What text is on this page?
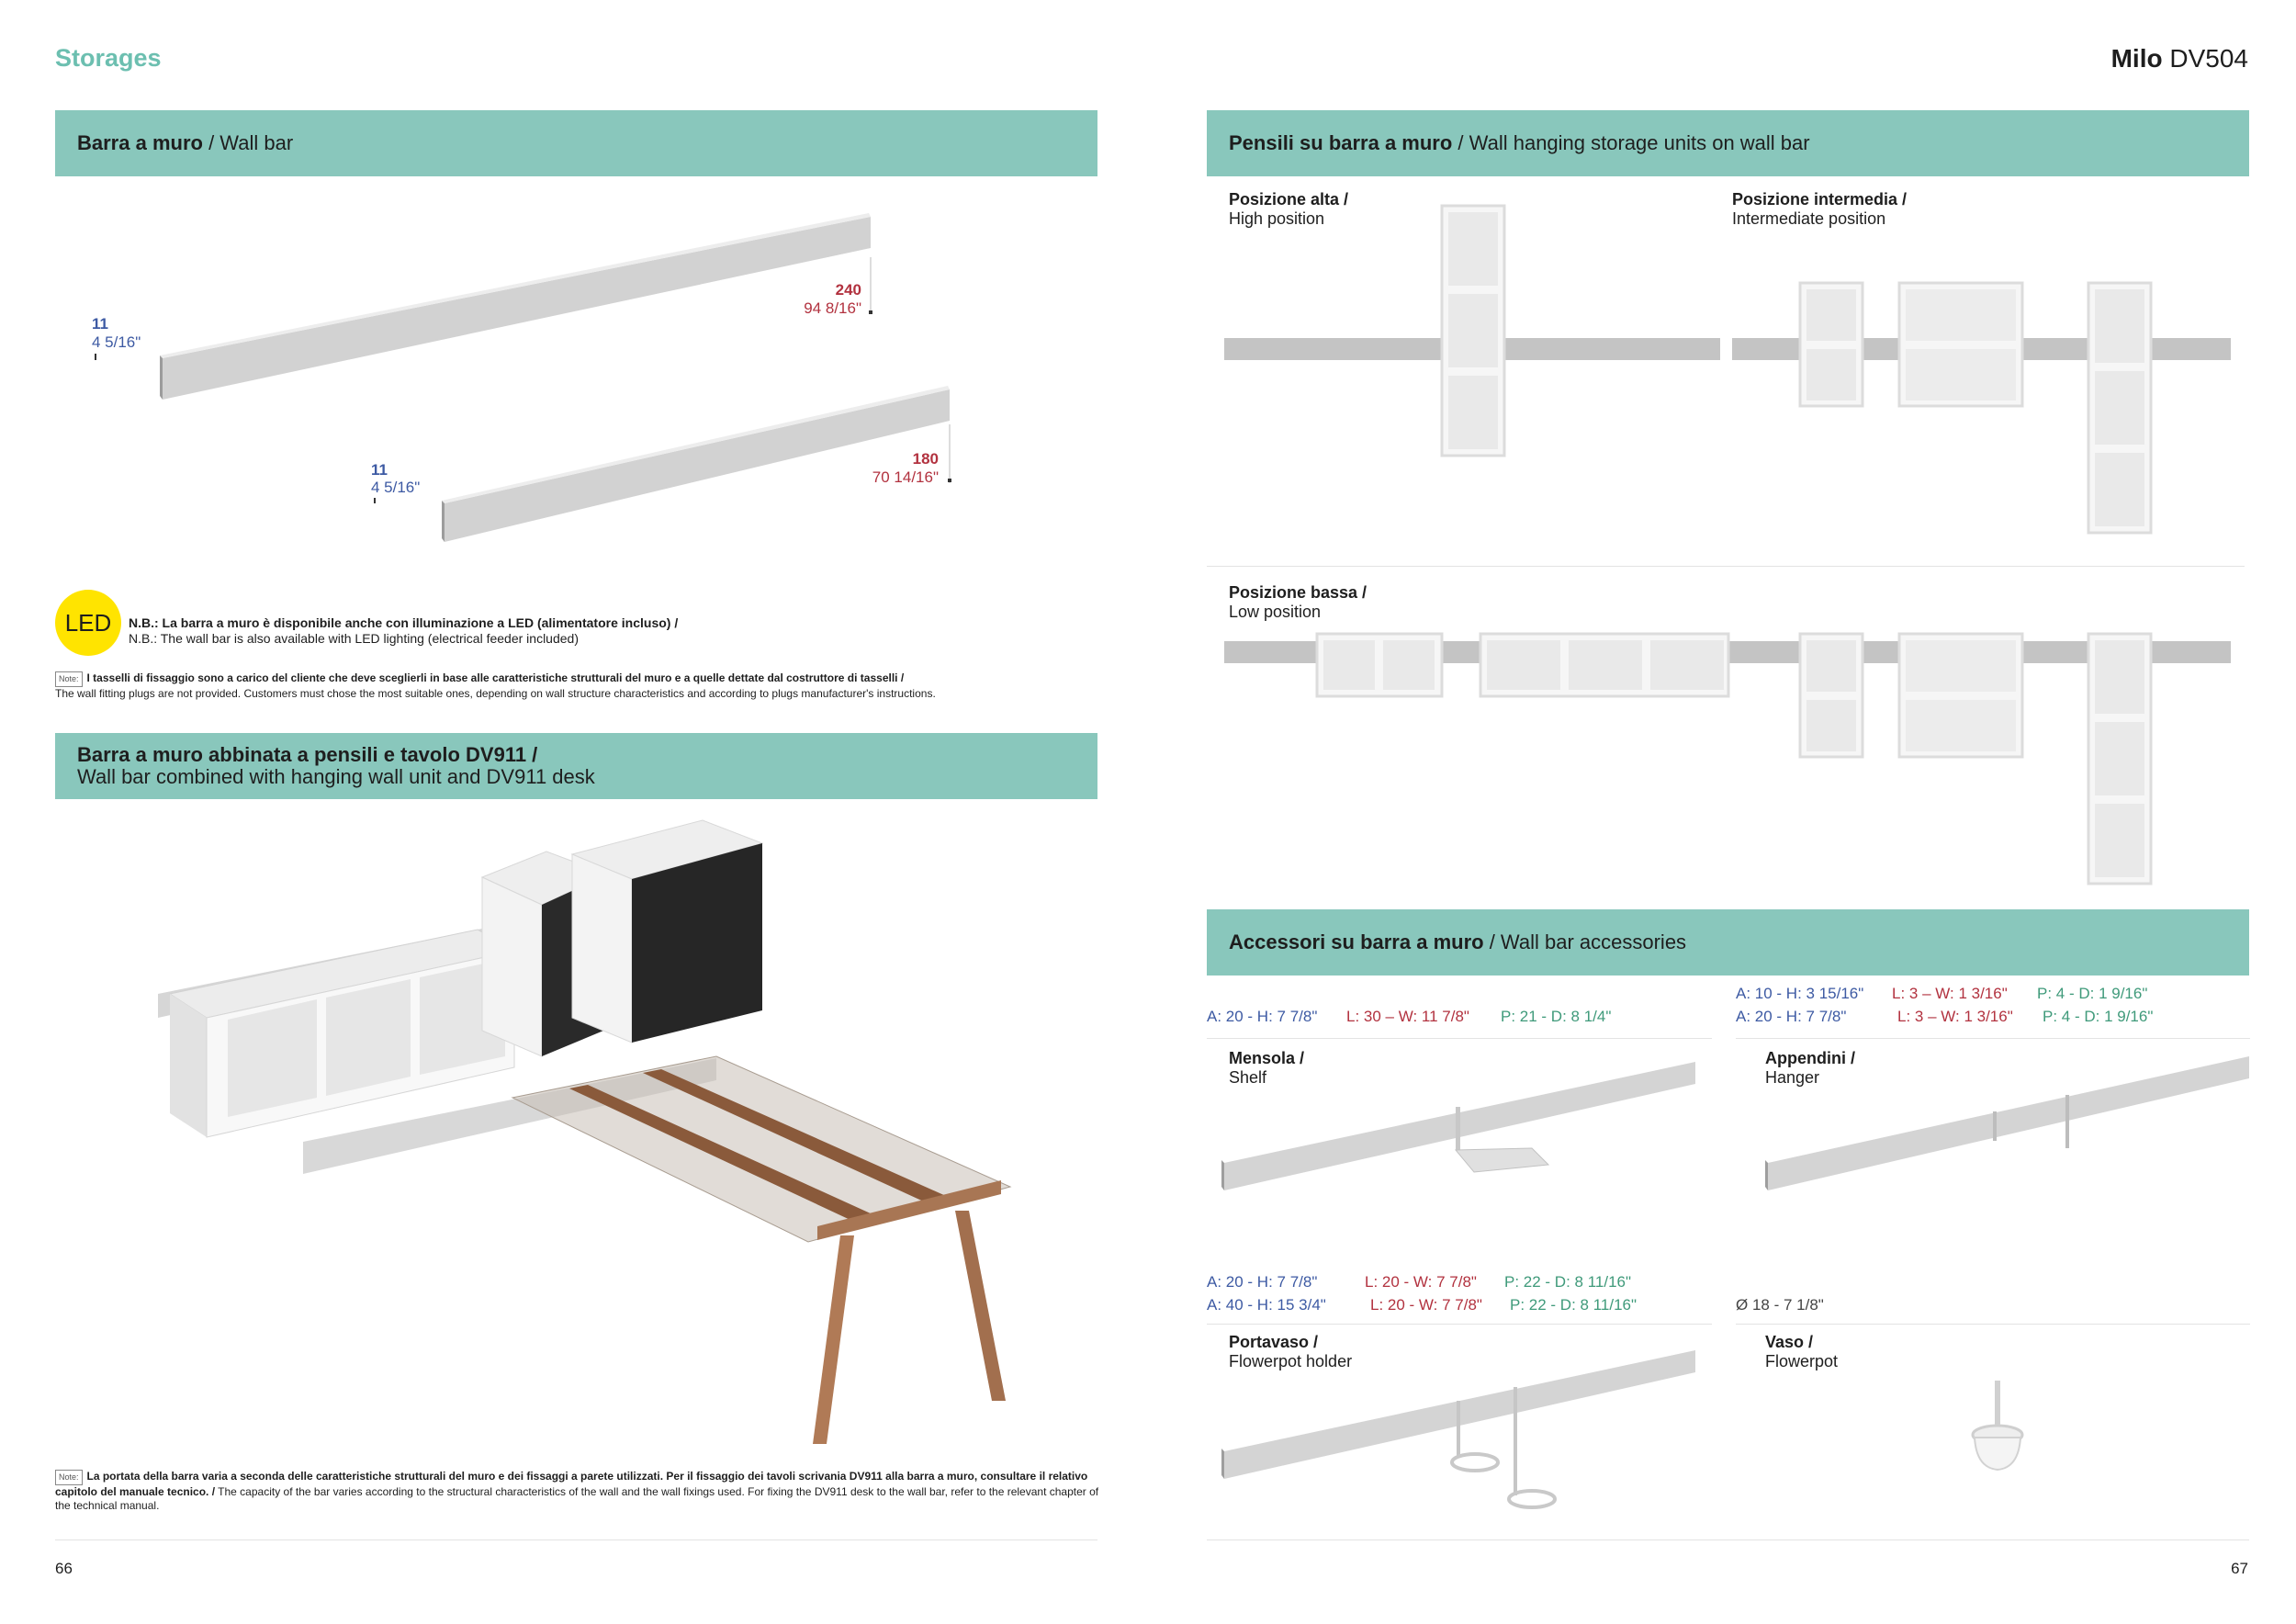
Storages	Milo DV504
Barra a muro / Wall bar
11
4 5/16"
240
94 8/16"
11
4 5/16"
180
70 14/16"
LED	N.B.: La barra a muro è disponibile anche con illuminazione a LED (alimentatore incluso) /
N.B.: The wall bar is also available with LED lighting (electrical feeder included)
Note: I tasselli di fissaggio sono a carico del cliente che deve sceglierli in base alle caratteristiche strutturali del muro e a quelle dettate dal costruttore di tasselli /
The wall fitting plugs are not provided. Customers must chose the most suitable ones, depending on wall structure characteristics and according to plugs manufacturer's instructions.
Barra a muro abbinata a pensili e tavolo DV911 /
Wall bar combined with hanging wall unit and DV911 desk
Note: La portata della barra varia a seconda delle caratteristiche strutturali del muro e dei fissaggi a parete utilizzati. Per il fissaggio dei tavoli scrivania DV911 alla barra a muro, consultare il relativo capitolo del manuale tecnico. / The capacity of the bar varies according to the structural characteristics of the wall and the wall fixings used. For fixing the DV911 desk to the wall bar, refer to the relevant chapter of the technical manual.
66
Pensili su barra a muro / Wall hanging storage units on wall bar
Posizione alta /
High position
Posizione intermedia /
Intermediate position
Posizione bassa /
Low position
Accessori su barra a muro / Wall bar accessories
A: 20 - H: 7 7/8" L: 30 – W: 11 7/8" P: 21 - D: 8 1/4"
A: 10 - H: 3 15/16" L: 3 – W: 1 3/16" P: 4 - D: 1 9/16"
A: 20 - H: 7 7/8"	L: 3 – W: 1 3/16" P: 4 - D: 1 9/16"
Mensola /
Shelf
Appendini /
Hanger
A: 20 - H: 7 7/8"	L: 20 - W: 7 7/8" P: 22 - D: 8 11/16"
A: 40 - H: 15 3/4"	L: 20 - W: 7 7/8" P: 22 - D: 8 11/16"	Ø 18 - 7 1/8"
Portavaso /
Flowerpot holder
Vaso /
Flowerpot
67
